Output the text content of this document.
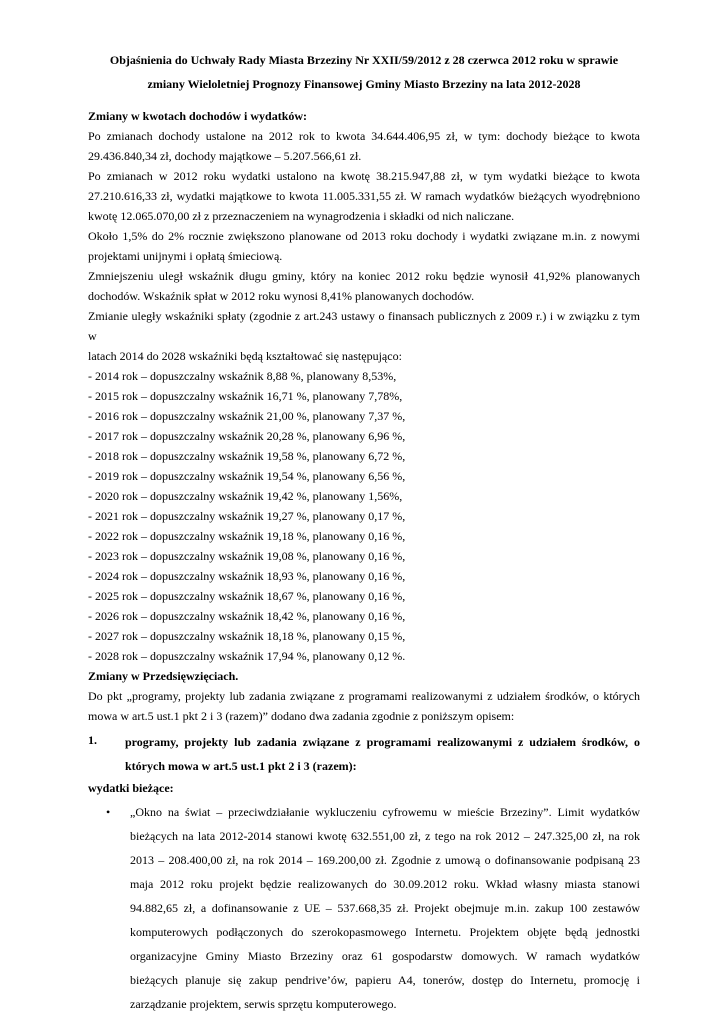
Objaśnienia do Uchwały Rady Miasta Brzeziny Nr XXII/59/2012 z 28 czerwca 2012 roku w sprawie
zmiany Wieloletniej Prognozy Finansowej Gminy Miasto Brzeziny na lata 2012-2028
Zmiany w kwotach dochodów i wydatków:
Po zmianach dochody ustalone na 2012 rok to kwota 34.644.406,95 zł, w tym: dochody bieżące to kwota
29.436.840,34 zł, dochody majątkowe – 5.207.566,61 zł.
Po zmianach w 2012 roku wydatki ustalono na kwotę 38.215.947,88 zł, w tym wydatki bieżące to kwota
27.210.616,33 zł, wydatki majątkowe to kwota 11.005.331,55 zł. W ramach wydatków bieżących wyodrębniono
kwotę 12.065.070,00 zł z przeznaczeniem na wynagrodzenia i składki od nich naliczane.
Około 1,5% do 2% rocznie zwiększono planowane od 2013 roku dochody i wydatki związane m.in. z nowymi
projektami unijnymi i opłatą śmieciową.
Zmniejszeniu uległ wskaźnik długu gminy, który na koniec 2012 roku będzie wynosił 41,92% planowanych
dochodów. Wskaźnik spłat w 2012 roku wynosi 8,41% planowanych dochodów.
Zmianie uległy wskaźniki spłaty (zgodnie z art.243 ustawy o finansach publicznych z 2009 r.) i w związku z tym w
latach 2014 do 2028 wskaźniki będą kształtować się następująco:
- 2014 rok – dopuszczalny wskaźnik 8,88 %, planowany 8,53%,
- 2015 rok – dopuszczalny wskaźnik 16,71 %, planowany 7,78%,
- 2016 rok – dopuszczalny wskaźnik 21,00 %, planowany 7,37 %,
- 2017 rok – dopuszczalny wskaźnik 20,28 %, planowany 6,96 %,
- 2018 rok – dopuszczalny wskaźnik 19,58 %, planowany 6,72 %,
- 2019 rok – dopuszczalny wskaźnik 19,54 %, planowany 6,56 %,
- 2020 rok – dopuszczalny wskaźnik 19,42 %, planowany 1,56%,
- 2021 rok – dopuszczalny wskaźnik 19,27 %, planowany 0,17 %,
- 2022 rok – dopuszczalny wskaźnik 19,18 %, planowany 0,16 %,
- 2023 rok – dopuszczalny wskaźnik 19,08 %, planowany 0,16 %,
- 2024 rok – dopuszczalny wskaźnik 18,93 %, planowany 0,16 %,
- 2025 rok – dopuszczalny wskaźnik 18,67 %, planowany 0,16 %,
- 2026 rok – dopuszczalny wskaźnik 18,42 %, planowany 0,16 %,
- 2027 rok – dopuszczalny wskaźnik 18,18 %, planowany 0,15 %,
- 2028 rok – dopuszczalny wskaźnik 17,94 %, planowany 0,12 %.
Zmiany w Przedsięwzięciach.
Do pkt „programy, projekty lub zadania związane z programami realizowanymi z udziałem środków, o których
mowa w art.5 ust.1 pkt 2 i 3 (razem)” dodano dwa zadania zgodnie z poniższym opisem:
1.	programy, projekty lub zadania związane z programami realizowanymi z udziałem środków, o
których mowa w art.5 ust.1 pkt 2 i 3 (razem):
wydatki bieżące:
•	„Okno na świat – przeciwdziałanie wykluczeniu cyfrowemu w mieście Brzeziny”. Limit wydatków
bieżących na lata 2012-2014 stanowi kwotę 632.551,00 zł, z tego na rok 2012 – 247.325,00 zł, na rok
2013 – 208.400,00 zł, na rok 2014 – 169.200,00 zł. Zgodnie z umową o dofinansowanie podpisaną 23
maja 2012 roku projekt będzie realizowanych do 30.09.2012 roku. Wkład własny miasta stanowi
94.882,65 zł, a dofinansowanie z UE – 537.668,35 zł. Projekt obejmuje m.in. zakup 100 zestawów
komputerowych podłączonych do szerokopasmowego Internetu. Projektem objęte będą jednostki
organizacyjne Gminy Miasto Brzeziny oraz 61 gospodarstw domowych. W ramach wydatków
bieżących planuje się zakup pendrive’ów, papieru A4, tonerów, dostęp do Internetu, promocję i
zarządzanie projektem, serwis sprzętu komputerowego.
